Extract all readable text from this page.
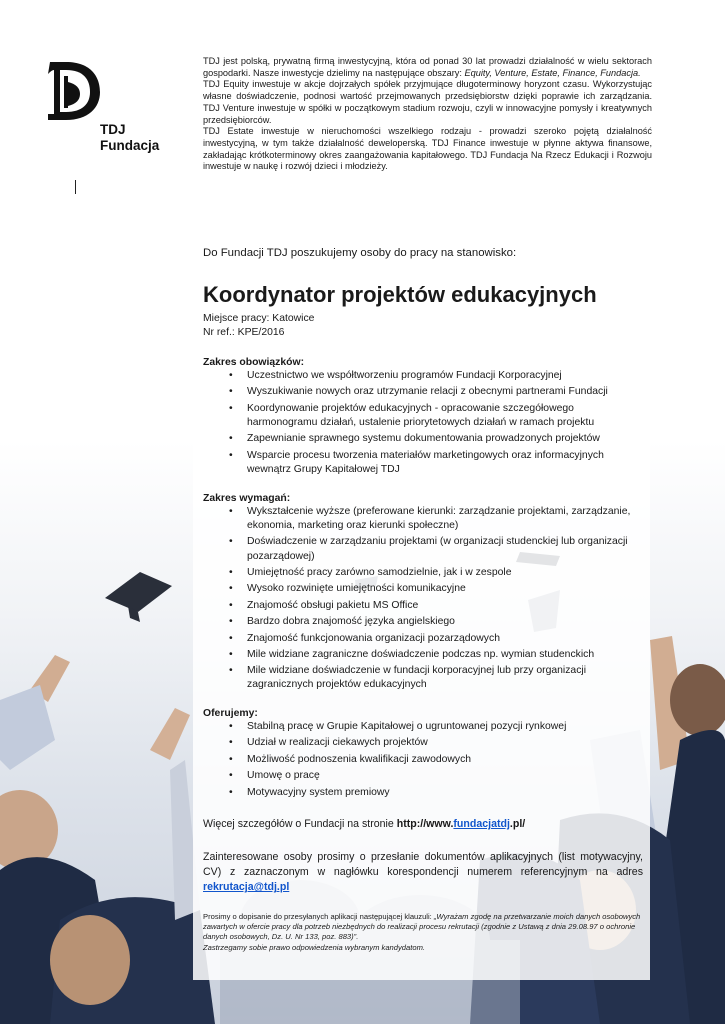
TDJ
Fundacja

TDJ jest polską, prywatną firmą inwestycyjną, która od ponad 30 lat prowadzi działalność w wielu sektorach gospodarki. Nasze inwestycje dzielimy na następujące obszary: Equity, Venture, Estate, Finance, Fundacja.

TDJ Equity inwestuje w akcje dojrzałych spółek przyjmujące długoterminowy horyzont czasu. Wykorzystując własne doświadczenie, podnosi wartość przejmowanych przedsiębiorstw dzięki poprawie ich zarządzania. TDJ Venture inwestuje w spółki w początkowym stadium rozwoju, czyli w innowacyjne pomysły i kreatywnych przedsiębiorców.

TDJ Estate inwestuje w nieruchomości wszelkiego rodzaju - prowadzi szeroko pojętą działalność inwestycyjną, w tym także działalność deweloperską. TDJ Finance inwestuje w płynne aktywa finansowe, zakładając krótkoterminowy okres zaangażowania kapitałowego. TDJ Fundacja Na Rzecz Edukacji i Rozwoju inwestuje w naukę i rozwój dzieci i młodzieży.

Do Fundacji TDJ poszukujemy osoby do pracy na stanowisko:
Koordynator projektów edukacyjnych
Miejsce pracy: Katowice
Nr ref.: KPE/2016
Zakres obowiązków:
• Uczestnictwo we współtworzeniu programów Fundacji Korporacyjnej
• Wyszukiwanie nowych oraz utrzymanie relacji z obecnymi partnerami Fundacji
• Koordynowanie projektów edukacyjnych - opracowanie szczegółowego harmonogramu działań, ustalenie priorytetowych działań w ramach projektu
• Zapewnianie sprawnego systemu dokumentowania prowadzonych projektów
• Wsparcie procesu tworzenia materiałów marketingowych oraz informacyjnych wewnątrz Grupy Kapitałowej TDJ
Zakres wymagań:
• Wykształcenie wyższe (preferowane kierunki: zarządzanie projektami, zarządzanie, ekonomia, marketing oraz kierunki społeczne)
• Doświadczenie w zarządzaniu projektami (w organizacji studenckiej lub organizacji pozarządowej)
• Umiejętność pracy zarówno samodzielnie, jak i w zespole
• Wysoko rozwinięte umiejętności komunikacyjne
• Znajomość obsługi pakietu MS Office
• Bardzo dobra znajomość języka angielskiego
• Znajomość funkcjonowania organizacji pozarządowych
• Mile widziane zagraniczne doświadczenie podczas np. wymian studenckich
• Mile widziane doświadczenie w fundacji korporacyjnej lub przy organizacji zagranicznych projektów edukacyjnych
Oferujemy:
• Stabilną pracę w Grupie Kapitałowej o ugruntowanej pozycji rynkowej
• Udział w realizacji ciekawych projektów
• Możliwość podnoszenia kwalifikacji zawodowych
• Umowę o pracę
• Motywacyjny system premiowy
Więcej szczegółów o Fundacji na stronie http://www.fundacjatdj.pl/
Zainteresowane osoby prosimy o przesłanie dokumentów aplikacyjnych (list motywacyjny, CV) z zaznaczonym w nagłówku korespondencji numerem referencyjnym na adres rekrutacja@tdj.pl
Prosimy o dopisanie do przesyłanych aplikacji następującej klauzuli: „Wyrażam zgodę na przetwarzanie moich danych osobowych zawartych w ofercie pracy dla potrzeb niezbędnych do realizacji procesu rekrutacji (zgodnie z Ustawą z dnia 29.08.97 o ochronie danych osobowych, Dz. U. Nr 133, poz. 883)”.
Zastrzegamy sobie prawo odpowiedzenia wybranym kandydatom.
